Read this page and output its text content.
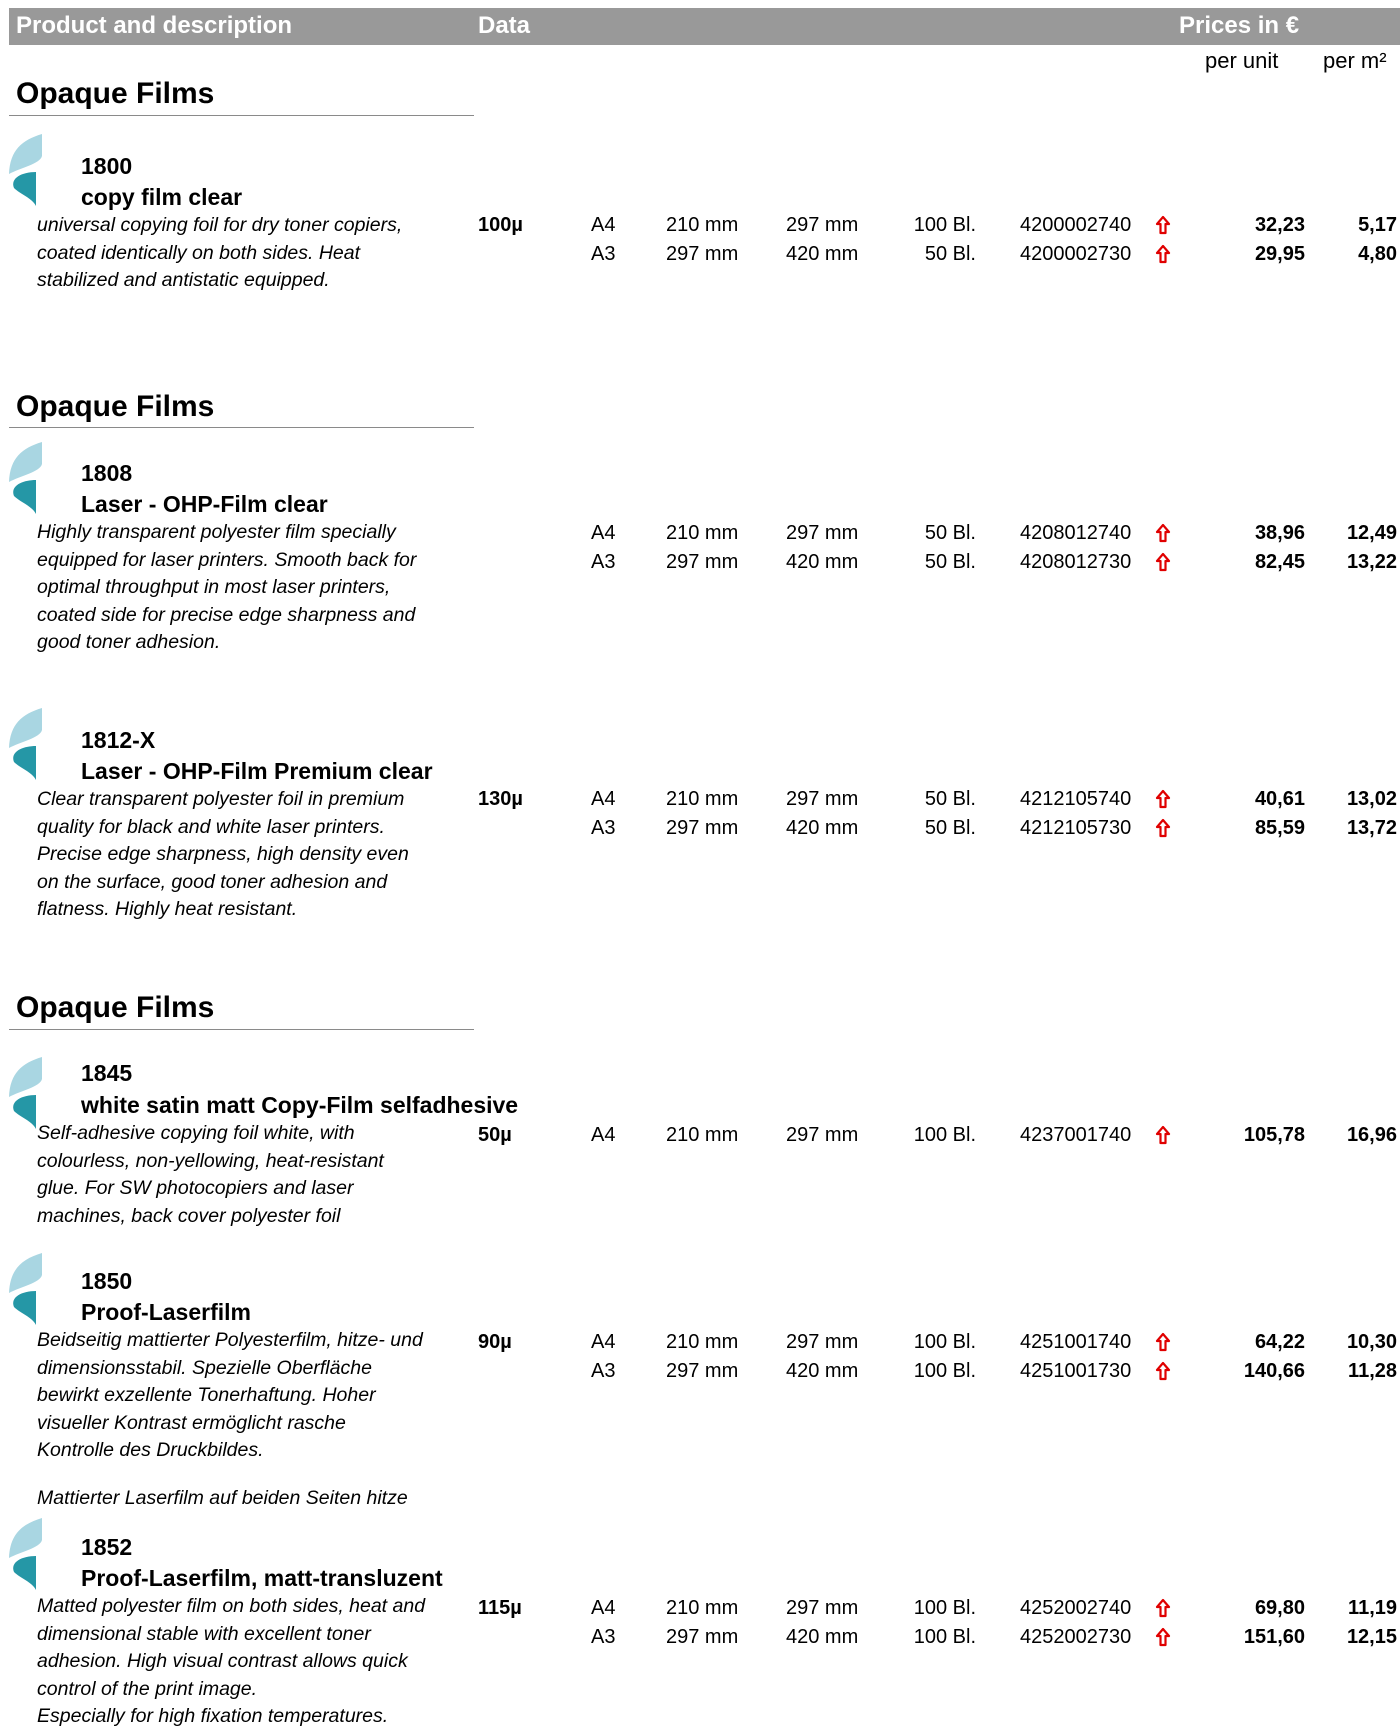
Product and description	Data	Prices in €
per unit per m²
Opaque Films
Opaque Films
Opaque Films
1800
copy film clear
universal copying foil for dry toner copiers,
coated identically on both sides. Heat
stabilized and antistatic equipped.
100µ	A4	210 mm 297 mm	100 Bl. 4200002740	32,23	5,17
A3	297 mm 420 mm	50 Bl. 4200002730	29,95	4,80
1808
Laser - OHP-Film clear
Highly transparent polyester film specially
equipped for laser printers. Smooth back for
optimal throughput in most laser printers,
coated side for precise edge sharpness and
good toner adhesion.
A4	210 mm 297 mm	50 Bl. 4208012740	38,96	12,49
A3	297 mm 420 mm	50 Bl. 4208012730	82,45	13,22
1812-X
Laser - OHP-Film Premium clear
Clear transparent polyester foil in premium
quality for black and white laser printers.
Precise edge sharpness, high density even
on the surface, good toner adhesion and
flatness. Highly heat resistant.
130µ	A4	210 mm 297 mm	50 Bl. 4212105740	40,61	13,02
A3	297 mm 420 mm	50 Bl. 4212105730	85,59	13,72
1845
white satin matt Copy-Film selfadhesive
Self-adhesive copying foil white, with
colourless, non-yellowing, heat-resistant
glue. For SW photocopiers and laser
machines, back cover polyester foil
50µ	A4	210 mm 297 mm	100 Bl. 4237001740	105,78	16,96
1850
Proof-Laserfilm
Beidseitig mattierter Polyesterfilm, hitze- und
dimensionsstabil. Spezielle Oberfläche
bewirkt exzellente Tonerhaftung. Hoher
visueller Kontrast ermöglicht rasche
Kontrolle des Druckbildes.
90µ	A4	210 mm 297 mm	100 Bl. 4251001740	64,22	10,30
A3	297 mm 420 mm	100 Bl. 4251001730	140,66	11,28
1852
Proof-Laserfilm, matt-transluzent
Matted polyester film on both sides, heat and
dimensional stable with excellent toner
adhesion. High visual contrast allows quick
control of the print image.
Especially for high fixation temperatures.
115µ	A4	210 mm 297 mm	100 Bl. 4252002740	69,80	11,19
A3	297 mm 420 mm	100 Bl. 4252002730	151,60	12,15
Mattierter Laserfilm auf beiden Seiten hitze
